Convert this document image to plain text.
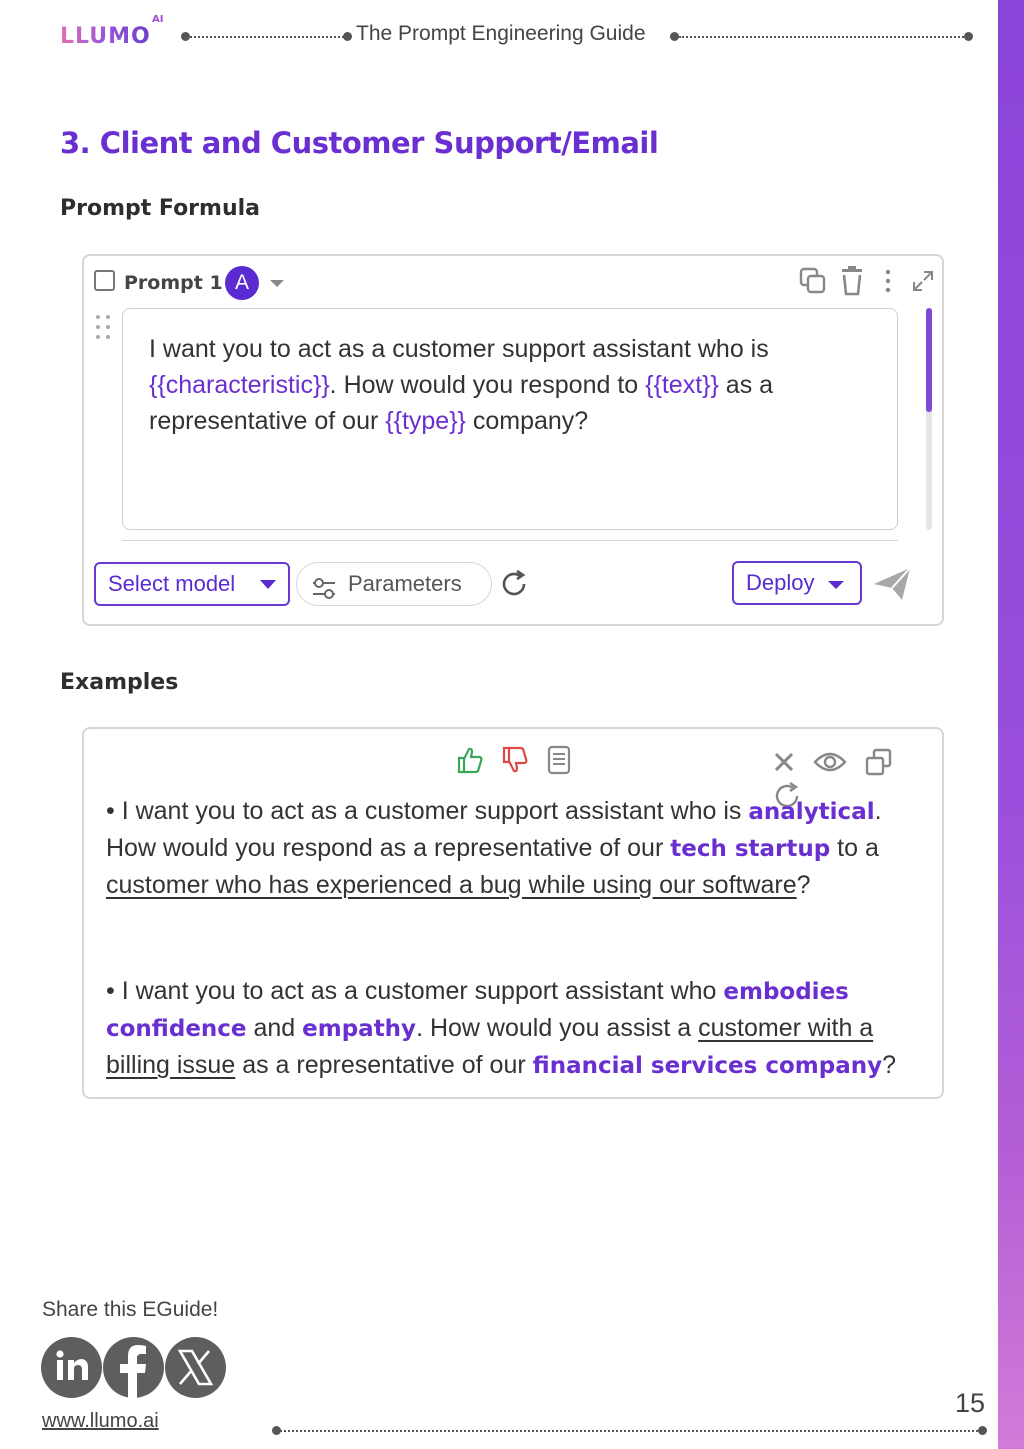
LLUMO
AI
The Prompt Engineering Guide
3. Client and Customer Support/Email
Prompt Formula
Prompt 1 A

I want you to act as a customer support assistant who is {{characteristic}}. How would you respond to {{text}} as a representative of our {{type}} company?
Select model	Parameters	Deploy
Examples

• I want you to act as a customer support assistant who is analytical. How would you respond as a representative of our tech startup to a customer who has experienced a bug while using our software?
• I want you to act as a customer support assistant who embodies confidence and empathy. How would you assist a customer with a billing issue as a representative of our financial services company?
Share this EGuide!
www.llumo.ai
15
